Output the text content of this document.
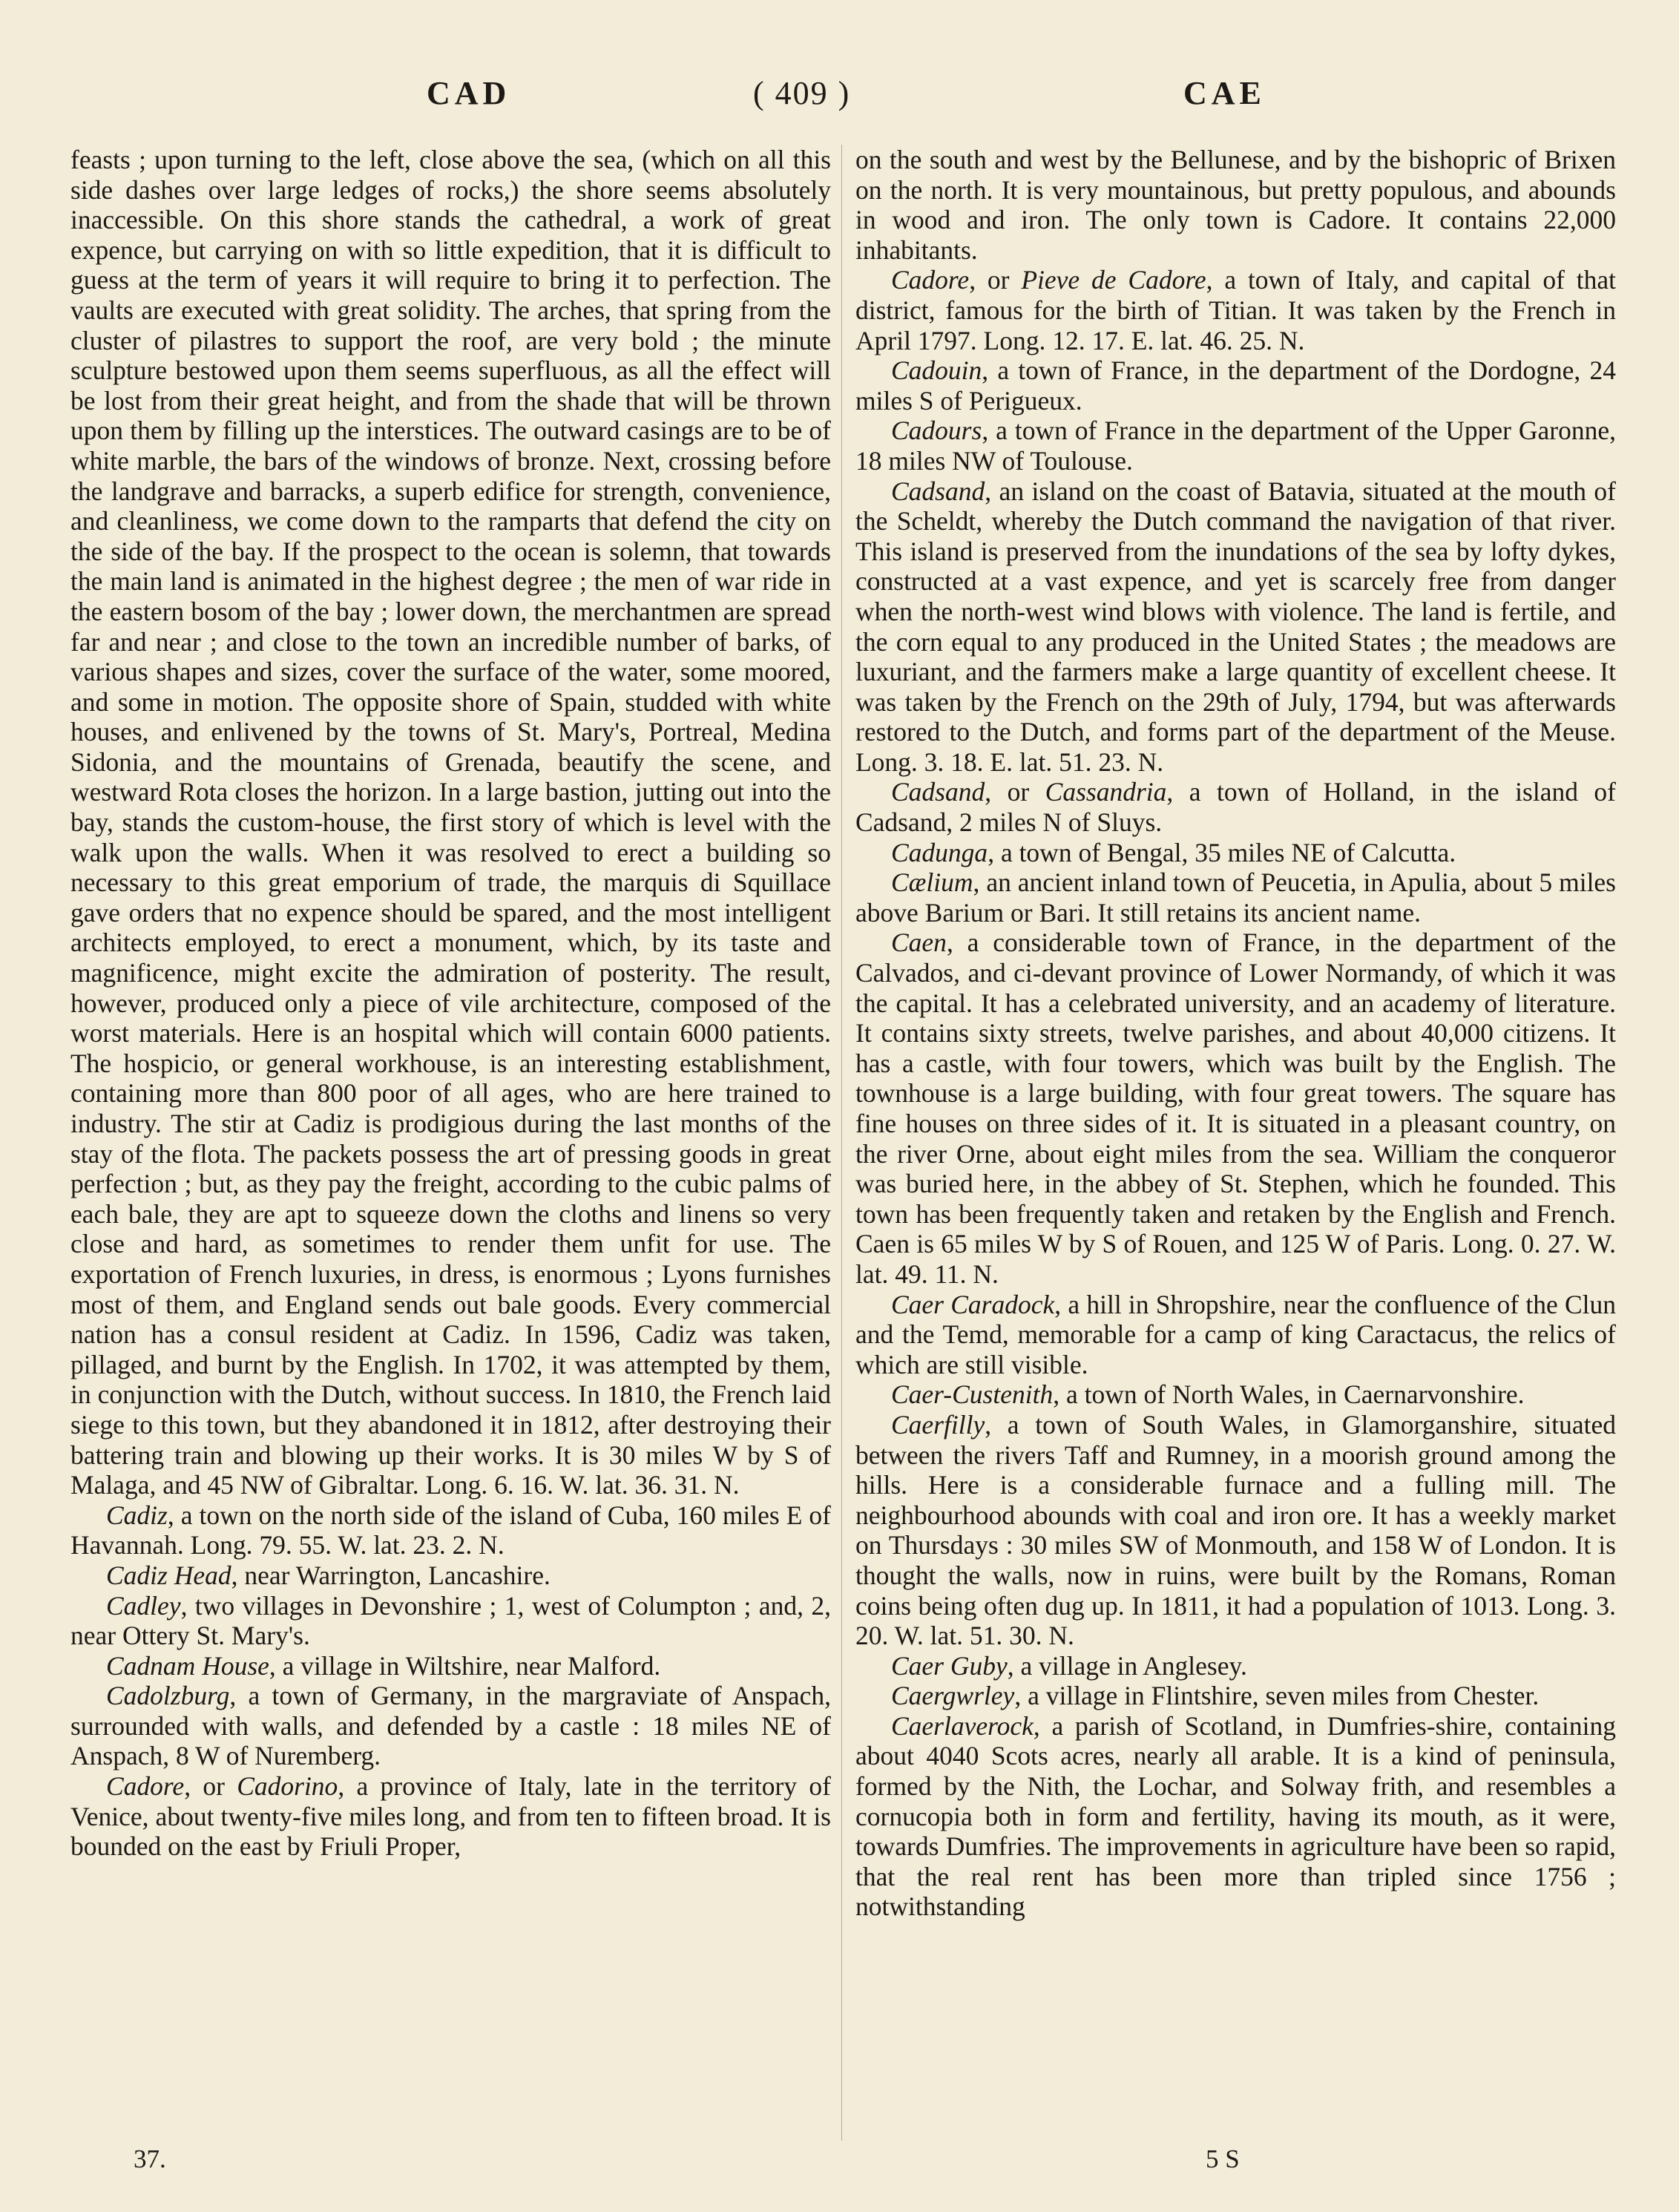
CAD	( 409 )	CAE

feasts ; upon turning to the left, close above the sea, (which on all this side dashes over large ledges of rocks,) the shore seems absolutely inaccessible. On this shore stands the cathedral, a work of great expence, but carrying on with so little expedition, that it is difficult to guess at the term of years it will require to bring it to perfection. The vaults are executed with great solidity. The arches, that spring from the cluster of pilastres to support the roof, are very bold ; the minute sculpture bestowed upon them seems superfluous, as all the effect will be lost from their great height, and from the shade that will be thrown upon them by filling up the interstices. The outward casings are to be of white marble, the bars of the windows of bronze. Next, crossing before the landgrave and barracks, a superb edifice for strength, convenience, and cleanliness, we come down to the ramparts that defend the city on the side of the bay. If the prospect to the ocean is solemn, that towards the main land is animated in the highest degree ; the men of war ride in the eastern bosom of the bay ; lower down, the merchantmen are spread far and near ; and close to the town an incredible number of barks, of various shapes and sizes, cover the surface of the water, some moored, and some in motion. The opposite shore of Spain, studded with white houses, and enlivened by the towns of St. Mary's, Portreal, Medina Sidonia, and the mountains of Grenada, beautify the scene, and westward Rota closes the horizon. In a large bastion, jutting out into the bay, stands the custom-house, the first story of which is level with the walk upon the walls. When it was resolved to erect a building so necessary to this great emporium of trade, the marquis di Squillace gave orders that no expence should be spared, and the most intelligent architects employed, to erect a monument, which, by its taste and magnificence, might excite the admiration of posterity. The result, however, produced only a piece of vile architecture, composed of the worst materials. Here is an hospital which will contain 6000 patients. The hospicio, or general workhouse, is an interesting establishment, containing more than 800 poor of all ages, who are here trained to industry. The stir at Cadiz is prodigious during the last months of the stay of the flota. The packets possess the art of pressing goods in great perfection ; but, as they pay the freight, according to the cubic palms of each bale, they are apt to squeeze down the cloths and linens so very close and hard, as sometimes to render them unfit for use. The exportation of French luxuries, in dress, is enormous ; Lyons furnishes most of them, and England sends out bale goods. Every commercial nation has a consul resident at Cadiz. In 1596, Cadiz was taken, pillaged, and burnt by the English. In 1702, it was attempted by them, in conjunction with the Dutch, without success. In 1810, the French laid siege to this town, but they abandoned it in 1812, after destroying their battering train and blowing up their works. It is 30 miles W by S of Malaga, and 45 NW of Gibraltar. Long. 6. 16. W. lat. 36. 31. N.

Cadiz, a town on the north side of the island of Cuba, 160 miles E of Havannah. Long. 79. 55. W. lat. 23. 2. N.

Cadiz Head, near Warrington, Lancashire.

Cadley, two villages in Devonshire ; 1, west of Columpton ; and, 2, near Ottery St. Mary's.

Cadnam House, a village in Wiltshire, near Malford.

Cadolzburg, a town of Germany, in the margraviate of Anspach, surrounded with walls, and defended by a castle : 18 miles NE of Anspach, 8 W of Nuremberg.

Cadore, or Cadorino, a province of Italy, late in the territory of Venice, about twenty-five miles long, and from ten to fifteen broad. It is bounded on the east by Friuli Proper,

on the south and west by the Bellunese, and by the bishopric of Brixen on the north. It is very mountainous, but pretty populous, and abounds in wood and iron. The only town is Cadore. It contains 22,000 inhabitants.

Cadore, or Pieve de Cadore, a town of Italy, and capital of that district, famous for the birth of Titian. It was taken by the French in April 1797. Long. 12. 17. E. lat. 46. 25. N.

Cadouin, a town of France, in the department of the Dordogne, 24 miles S of Perigueux.

Cadours, a town of France in the department of the Upper Garonne, 18 miles NW of Toulouse.

Cadsand, an island on the coast of Batavia, situated at the mouth of the Scheldt, whereby the Dutch command the navigation of that river. This island is preserved from the inundations of the sea by lofty dykes, constructed at a vast expence, and yet is scarcely free from danger when the north-west wind blows with violence. The land is fertile, and the corn equal to any produced in the United States ; the meadows are luxuriant, and the farmers make a large quantity of excellent cheese. It was taken by the French on the 29th of July, 1794, but was afterwards restored to the Dutch, and forms part of the department of the Meuse. Long. 3. 18. E. lat. 51. 23. N.

Cadsand, or Cassandria, a town of Holland, in the island of Cadsand, 2 miles N of Sluys.

Cadunga, a town of Bengal, 35 miles NE of Calcutta.

Cælium, an ancient inland town of Peucetia, in Apulia, about 5 miles above Barium or Bari. It still retains its ancient name.

Caen, a considerable town of France, in the department of the Calvados, and ci-devant province of Lower Normandy, of which it was the capital. It has a celebrated university, and an academy of literature. It contains sixty streets, twelve parishes, and about 40,000 citizens. It has a castle, with four towers, which was built by the English. The townhouse is a large building, with four great towers. The square has fine houses on three sides of it. It is situated in a pleasant country, on the river Orne, about eight miles from the sea. William the conqueror was buried here, in the abbey of St. Stephen, which he founded. This town has been frequently taken and retaken by the English and French. Caen is 65 miles W by S of Rouen, and 125 W of Paris. Long. 0. 27. W. lat. 49. 11. N.

Caer Caradock, a hill in Shropshire, near the confluence of the Clun and the Temd, memorable for a camp of king Caractacus, the relics of which are still visible.

Caer-Custenith, a town of North Wales, in Caernarvonshire.

Caerfilly, a town of South Wales, in Glamorganshire, situated between the rivers Taff and Rumney, in a moorish ground among the hills. Here is a considerable furnace and a fulling mill. The neighbourhood abounds with coal and iron ore. It has a weekly market on Thursdays : 30 miles SW of Monmouth, and 158 W of London. It is thought the walls, now in ruins, were built by the Romans, Roman coins being often dug up. In 1811, it had a population of 1013. Long. 3. 20. W. lat. 51. 30. N.

Caer Guby, a village in Anglesey.

Caergwrley, a village in Flintshire, seven miles from Chester.

Caerlaverock, a parish of Scotland, in Dumfries-shire, containing about 4040 Scots acres, nearly all arable. It is a kind of peninsula, formed by the Nith, the Lochar, and Solway frith, and resembles a cornucopia both in form and fertility, having its mouth, as it were, towards Dumfries. The improvements in agriculture have been so rapid, that the real rent has been more than tripled since 1756 ; notwithstanding

37.	5 S
